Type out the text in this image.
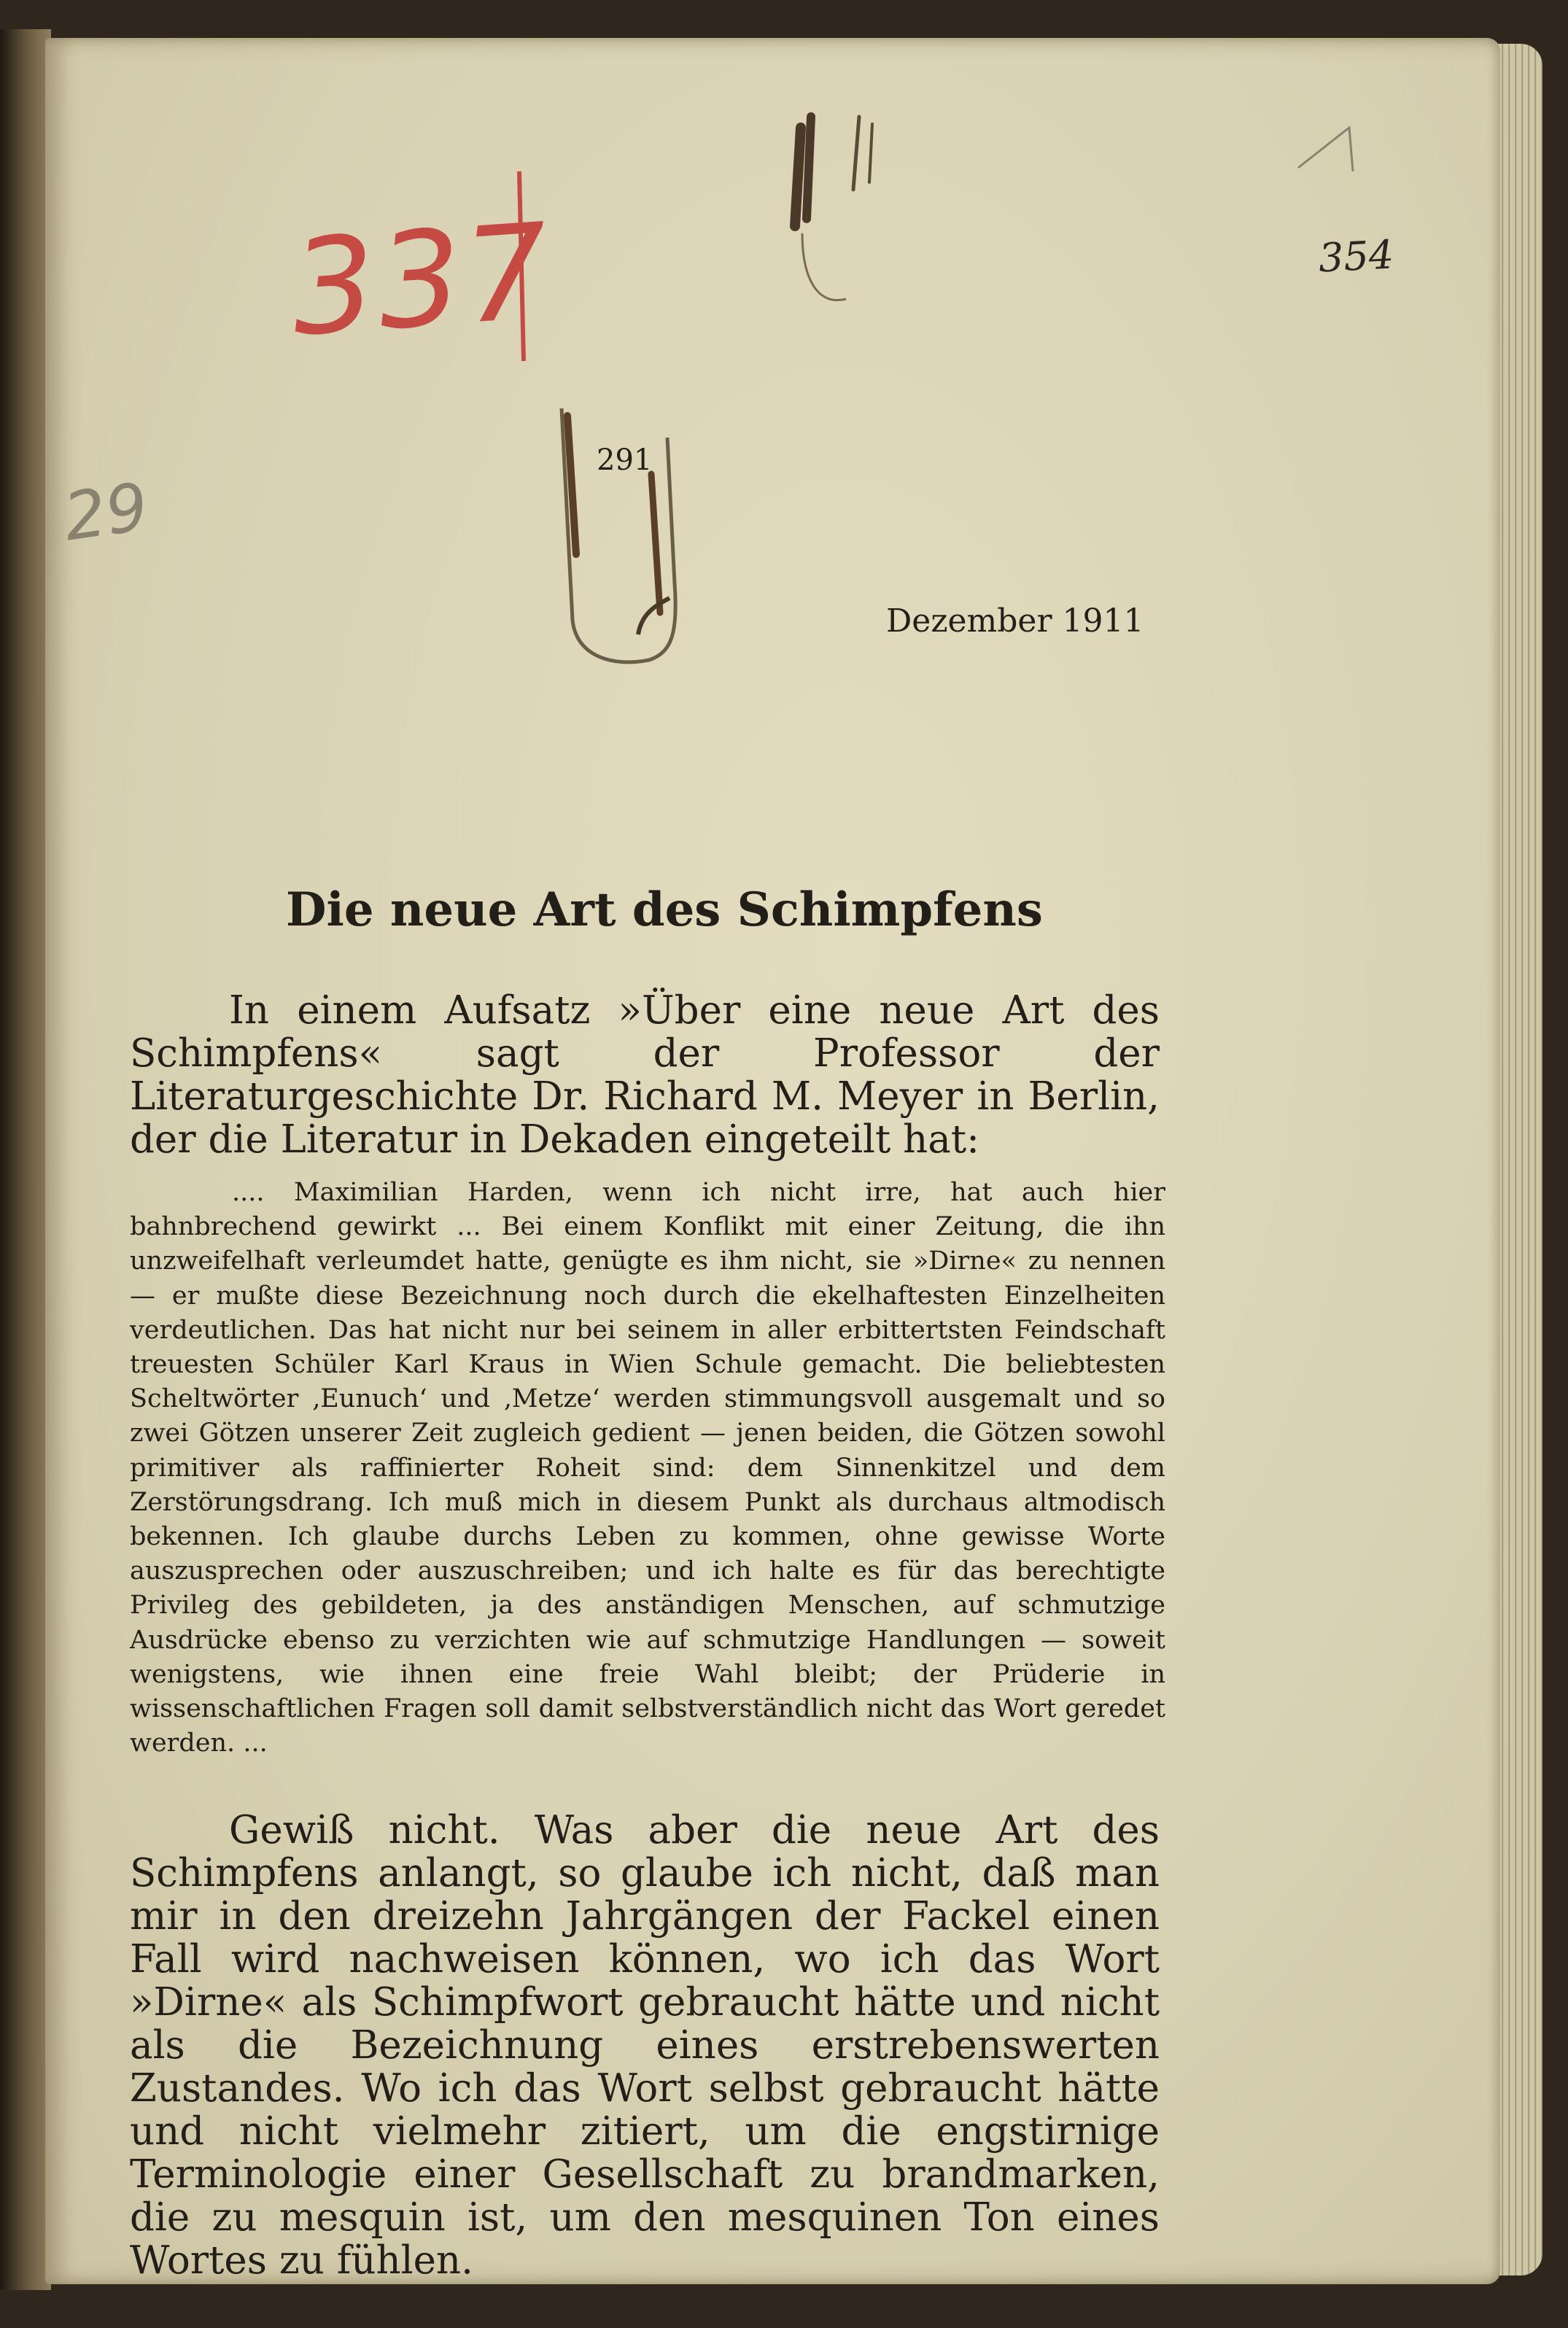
337	354
29
291
Dezember 1911
Die neue Art des Schimpfens

In einem Aufsatz »Über eine neue Art des Schimpfens« sagt der Professor der Literaturgeschichte Dr. Richard M. Meyer in Berlin, der die Literatur in Dekaden eingeteilt hat:

.... Maximilian Harden, wenn ich nicht irre, hat auch hier bahnbrechend gewirkt ... Bei einem Konflikt mit einer Zeitung, die ihn unzweifelhaft verleumdet hatte, genügte es ihm nicht, sie »Dirne« zu nennen — er mußte diese Bezeichnung noch durch die ekelhaftesten Einzelheiten verdeutlichen. Das hat nicht nur bei seinem in aller erbittertsten Feindschaft treuesten Schüler Karl Kraus in Wien Schule gemacht. Die beliebtesten Scheltwörter ‚Eunuch‘ und ‚Metze‘ werden stimmungsvoll ausgemalt und so zwei Götzen unserer Zeit zugleich gedient — jenen beiden, die Götzen sowohl primitiver als raffinierter Roheit sind: dem Sinnenkitzel und dem Zerstörungsdrang. Ich muß mich in diesem Punkt als durchaus altmodisch bekennen. Ich glaube durchs Leben zu kommen, ohne gewisse Worte auszusprechen oder auszuschreiben; und ich halte es für das berechtigte Privileg des gebildeten, ja des anständigen Menschen, auf schmutzige Ausdrücke ebenso zu verzichten wie auf schmutzige Handlungen — soweit wenigstens, wie ihnen eine freie Wahl bleibt; der Prüderie in wissenschaftlichen Fragen soll damit selbstverständlich nicht das Wort geredet werden. ...

Gewiß nicht. Was aber die neue Art des Schimpfens anlangt, so glaube ich nicht, daß man mir in den dreizehn Jahrgängen der Fackel einen Fall wird nachweisen können, wo ich das Wort »Dirne« als Schimpfwort gebraucht hätte und nicht als die Bezeichnung eines erstrebenswerten Zustandes. Wo ich das Wort selbst gebraucht hätte und nicht vielmehr zitiert, um die engstirnige Terminologie einer Gesellschaft zu brandmarken, die zu mesquin ist, um den mesquinen Ton eines Wortes zu fühlen.
